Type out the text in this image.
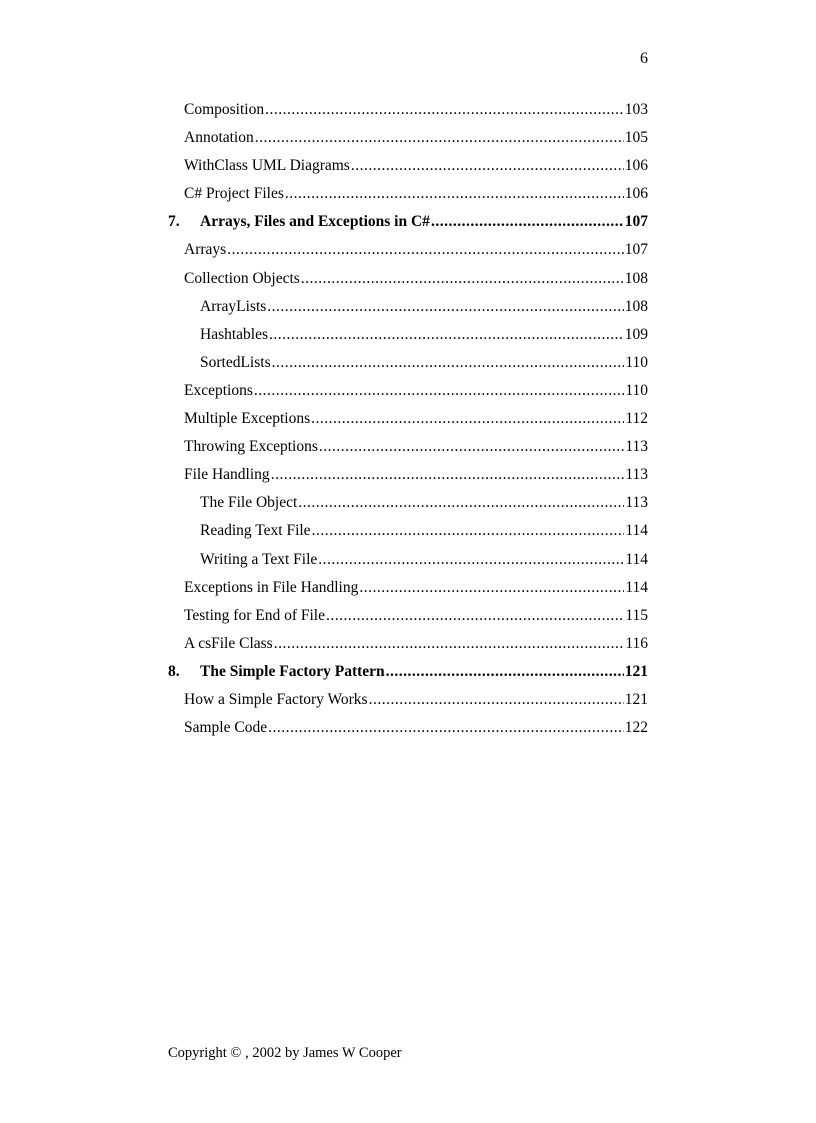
6
Composition .....	103
Annotation .....	105
WithClass UML Diagrams .....	106
C# Project Files .....	106
7.	Arrays, Files and Exceptions in C# .....	107
Arrays .....	107
Collection Objects .....	108
ArrayLists .....	108
Hashtables .....	109
SortedLists .....	110
Exceptions .....	110
Multiple Exceptions .....	112
Throwing Exceptions .....	113
File Handling .....	113
The File Object .....	113
Reading Text File .....	114
Writing a Text File .....	114
Exceptions in File Handling .....	114
Testing for End of File .....	115
A csFile Class .....	116
8.	The Simple Factory Pattern .....	121
How a Simple Factory Works .....	121
Sample Code .....	122
Copyright © , 2002 by James W Cooper
